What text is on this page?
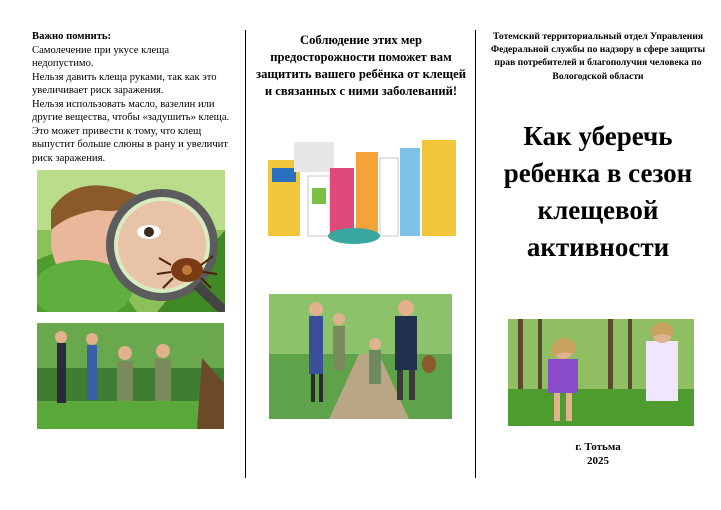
Важно помнить:

Самолечение при укусе клеща недопустимо.

Нельзя давить клеща руками, так как это увеличивает риск заражения.

Нельзя использовать масло, вазелин или другие вещества, чтобы «задушить» клеща. Это может привести к тому, что клещ выпустит больше слюны в рану и увеличит риск заражения.

Соблюдение этих мер предосторожности поможет вам защитить вашего ребёнка от клещей и связанных с ними заболеваний!
Тотемский территориальный отдел Управления Федеральной службы по надзору в сфере защиты прав потребителей и благополучия человека по Вологодской области
Как уберечь ребенка в сезон клещевой активности
г. Тотьма
2025
